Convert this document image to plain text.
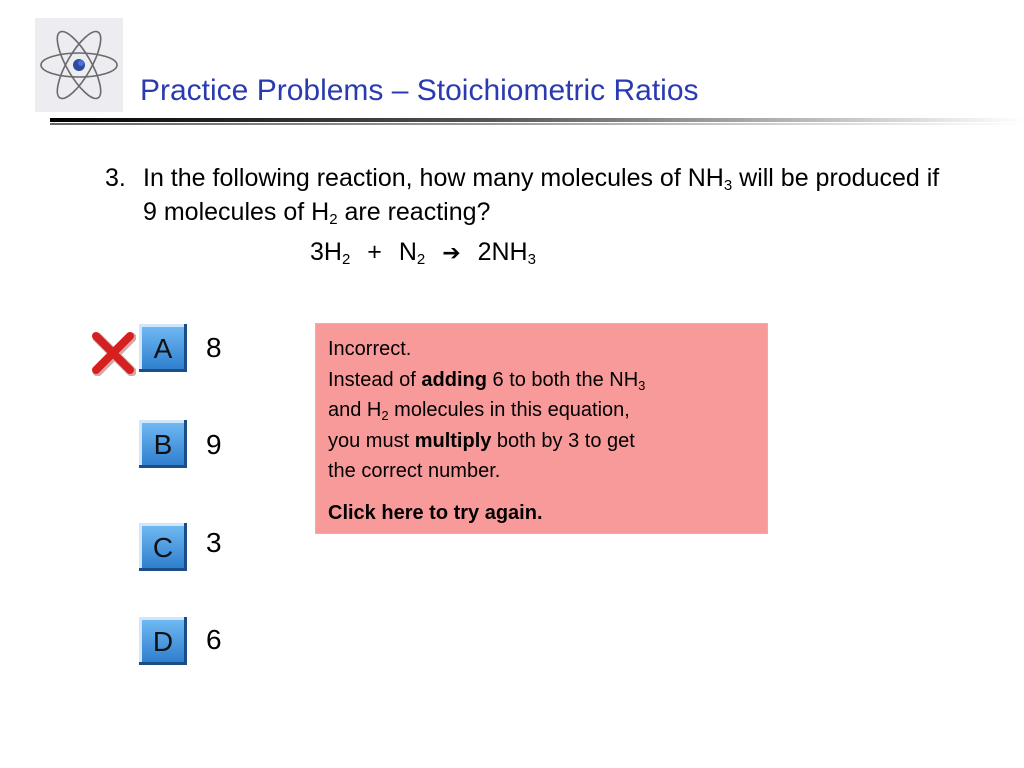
Practice Problems – Stoichiometric Ratios
3. In the following reaction, how many molecules of $NH_3$ will be produced if 9 molecules of $H_2$ are reacting?
$3H_2 + N_2$ ➔ $2NH_3$
A 8
B 9
C 3
D 6

Incorrect.

Instead of adding 6 to both the $NH_3$

and $H_2$ molecules in this equation,

you must multiply both by 3 to get

the correct number.

Click here to try again.
